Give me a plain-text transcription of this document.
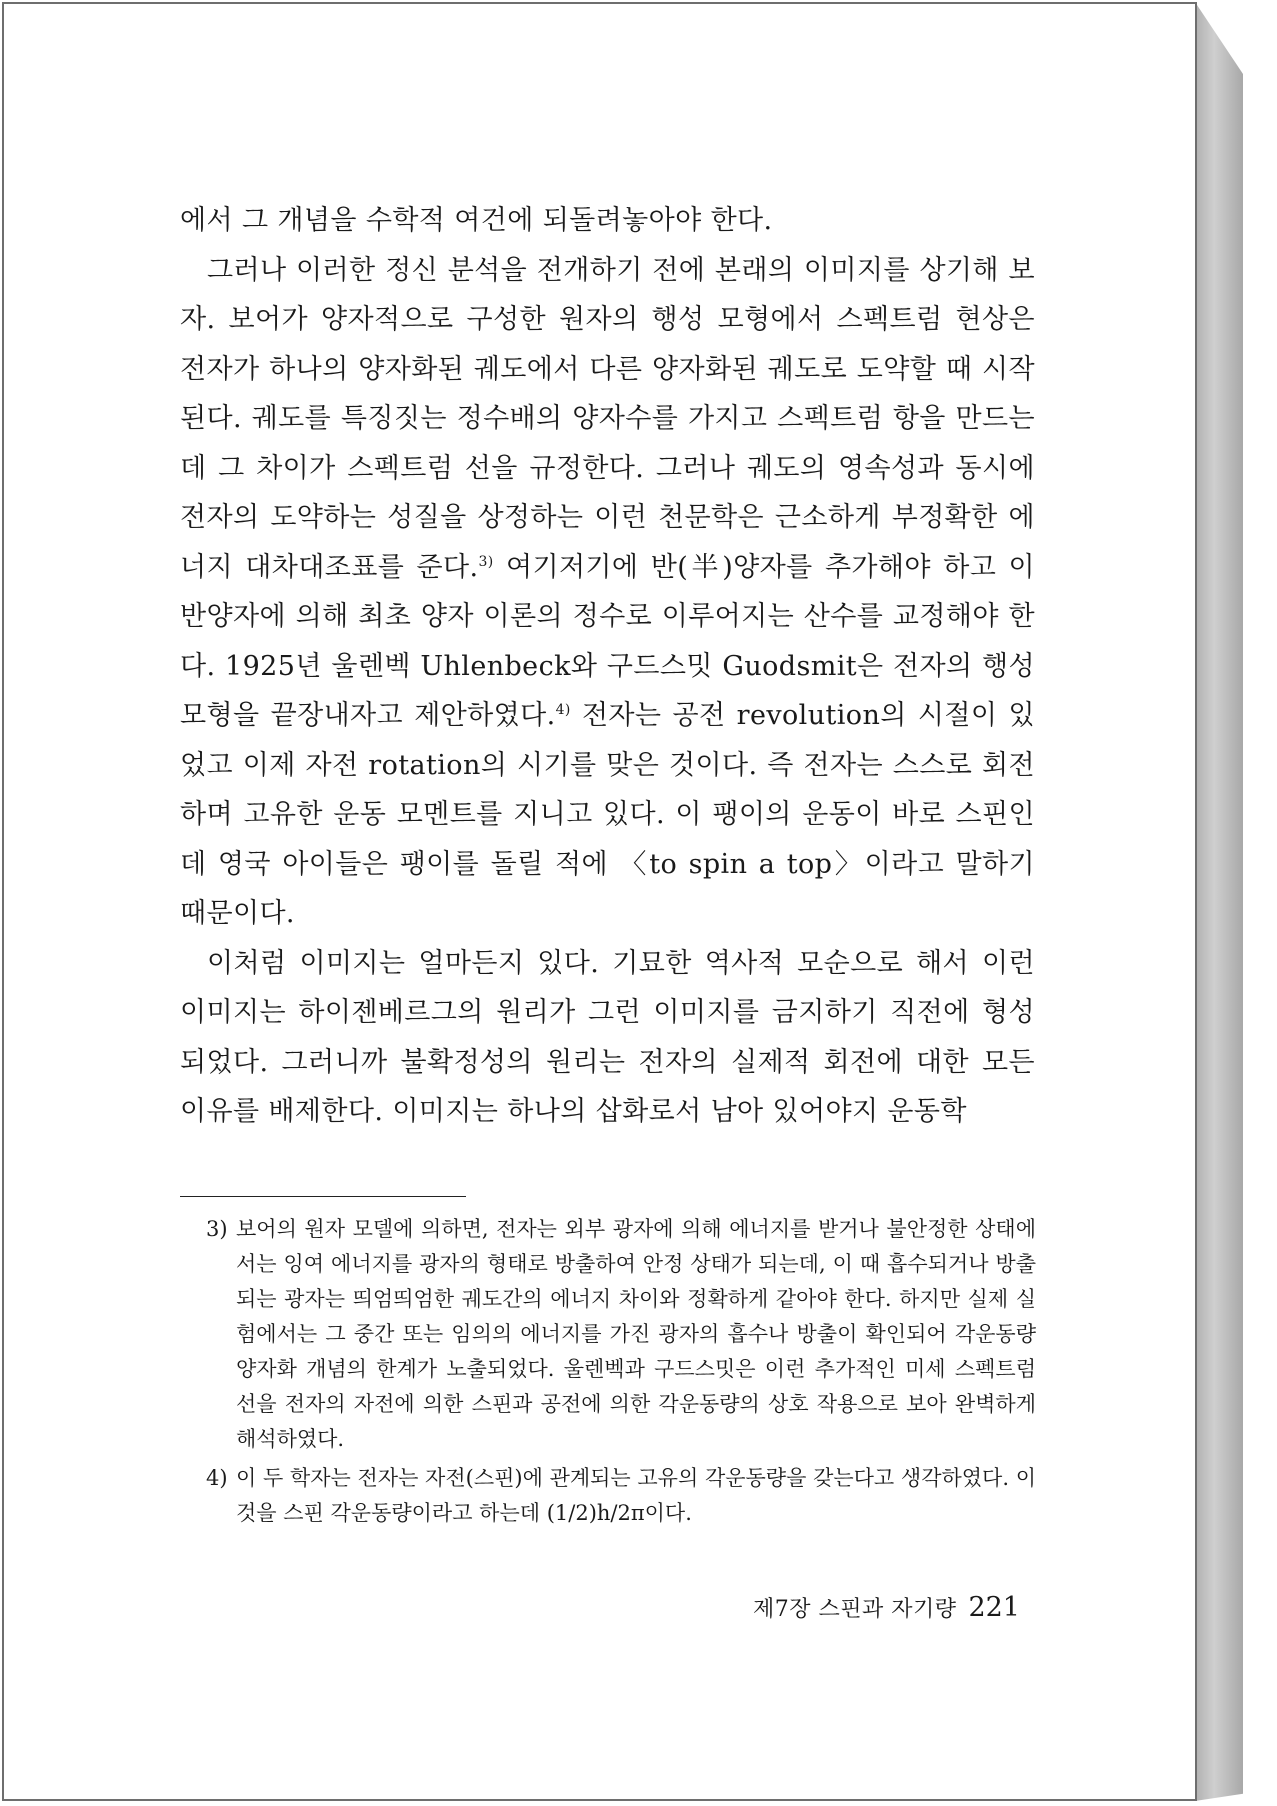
에서 그 개념을 수학적 여건에 되돌려놓아야 한다.

그러나 이러한 정신 분석을 전개하기 전에 본래의 이미지를 상기해 보자. 보어가 양자적으로 구성한 원자의 행성 모형에서 스펙트럼 현상은 전자가 하나의 양자화된 궤도에서 다른 양자화된 궤도로 도약할 때 시작된다. 궤도를 특징짓는 정수배의 양자수를 가지고 스펙트럼 항을 만드는데 그 차이가 스펙트럼 선을 규정한다. 그러나 궤도의 영속성과 동시에 전자의 도약하는 성질을 상정하는 이런 천문학은 근소하게 부정확한 에너지 대차대조표를 준다.$^{3)}$ 여기저기에 반(半)양자를 추가해야 하고 이 반양자에 의해 최초 양자 이론의 정수로 이루어지는 산수를 교정해야 한다. 1925년 울렌벡 Uhlenbeck와 구드스밋 Guodsmit은 전자의 행성 모형을 끝장내자고 제안하였다.$^{4)}$ 전자는 공전 revolution의 시절이 있었고 이제 자전 rotation의 시기를 맞은 것이다. 즉 전자는 스스로 회전하며 고유한 운동 모멘트를 지니고 있다. 이 팽이의 운동이 바로 스핀인데 영국 아이들은 팽이를 돌릴 적에 〈to spin a top〉이라고 말하기 때문이다.

이처럼 이미지는 얼마든지 있다. 기묘한 역사적 모순으로 해서 이런 이미지는 하이젠베르그의 원리가 그런 이미지를 금지하기 직전에 형성되었다. 그러니까 불확정성의 원리는 전자의 실제적 회전에 대한 모든 이유를 배제한다. 이미지는 하나의 삽화로서 남아 있어야지 운동학

3) 보어의 원자 모델에 의하면, 전자는 외부 광자에 의해 에너지를 받거나 불안정한 상태에서는 잉여 에너지를 광자의 형태로 방출하여 안정 상태가 되는데, 이 때 흡수되거나 방출되는 광자는 띄엄띄엄한 궤도간의 에너지 차이와 정확하게 같아야 한다. 하지만 실제 실험에서는 그 중간 또는 임의의 에너지를 가진 광자의 흡수나 방출이 확인되어 각운동량 양자화 개념의 한계가 노출되었다. 울렌벡과 구드스밋은 이런 추가적인 미세 스펙트럼 선을 전자의 자전에 의한 스핀과 공전에 의한 각운동량의 상호 작용으로 보아 완벽하게 해석하였다.
4) 이 두 학자는 전자는 자전(스핀)에 관계되는 고유의 각운동량을 갖는다고 생각하였다. 이것을 스핀 각운동량이라고 하는데 (1/2)h/2π이다.
제7장 스핀과 자기량 221
